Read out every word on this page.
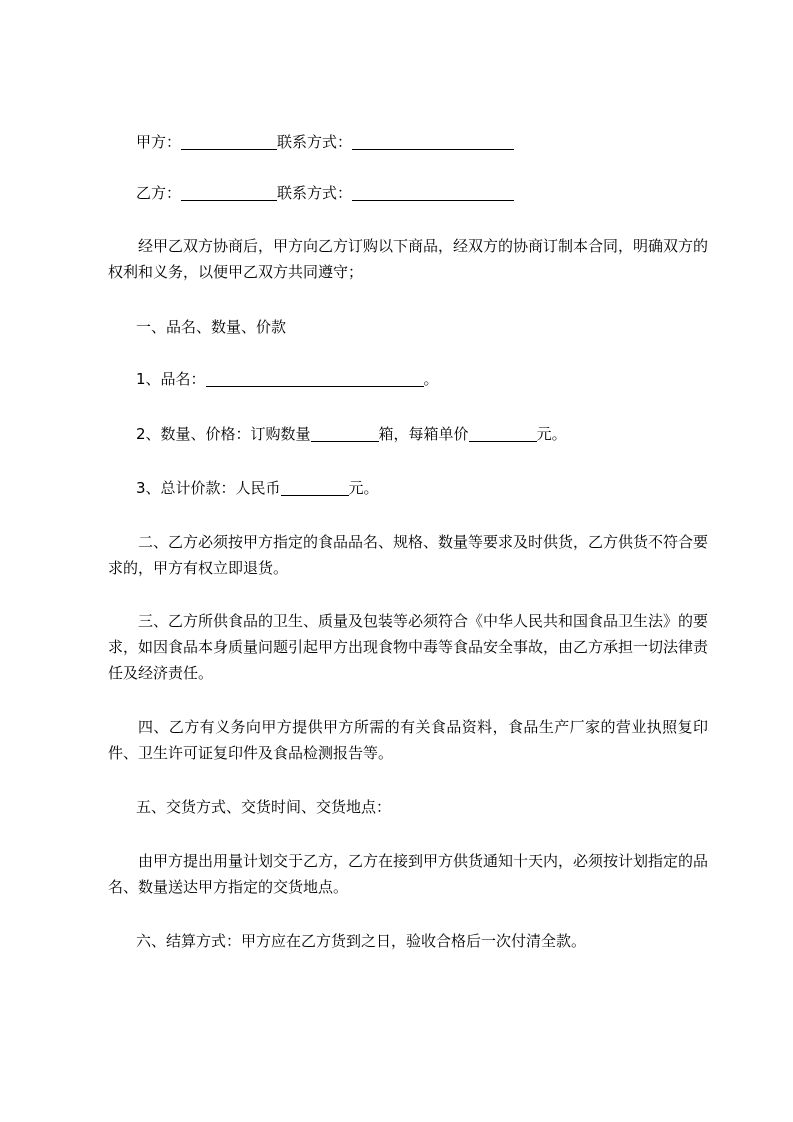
甲方：	联系方式：
乙方：	联系方式：
经甲乙双方协商后，甲方向乙方订购以下商品，经双方的协商订制本合同，明确双方的权利和义务，以便甲乙双方共同遵守；
一、品名、数量、价款
1、品名：	。
2、数量、价格：订购数量	箱，每箱单价	元。
3、总计价款：人民币	元。
二、乙方必须按甲方指定的食品品名、规格、数量等要求及时供货，乙方供货不符合要求的，甲方有权立即退货。
三、乙方所供食品的卫生、质量及包装等必须符合《中华人民共和国食品卫生法》的要求，如因食品本身质量问题引起甲方出现食物中毒等食品安全事故，由乙方承担一切法律责任及经济责任。
四、乙方有义务向甲方提供甲方所需的有关食品资料，食品生产厂家的营业执照复印件、卫生许可证复印件及食品检测报告等。
五、交货方式、交货时间、交货地点：
由甲方提出用量计划交于乙方，乙方在接到甲方供货通知十天内，必须按计划指定的品名、数量送达甲方指定的交货地点。
六、结算方式：甲方应在乙方货到之日，验收合格后一次付清全款。
